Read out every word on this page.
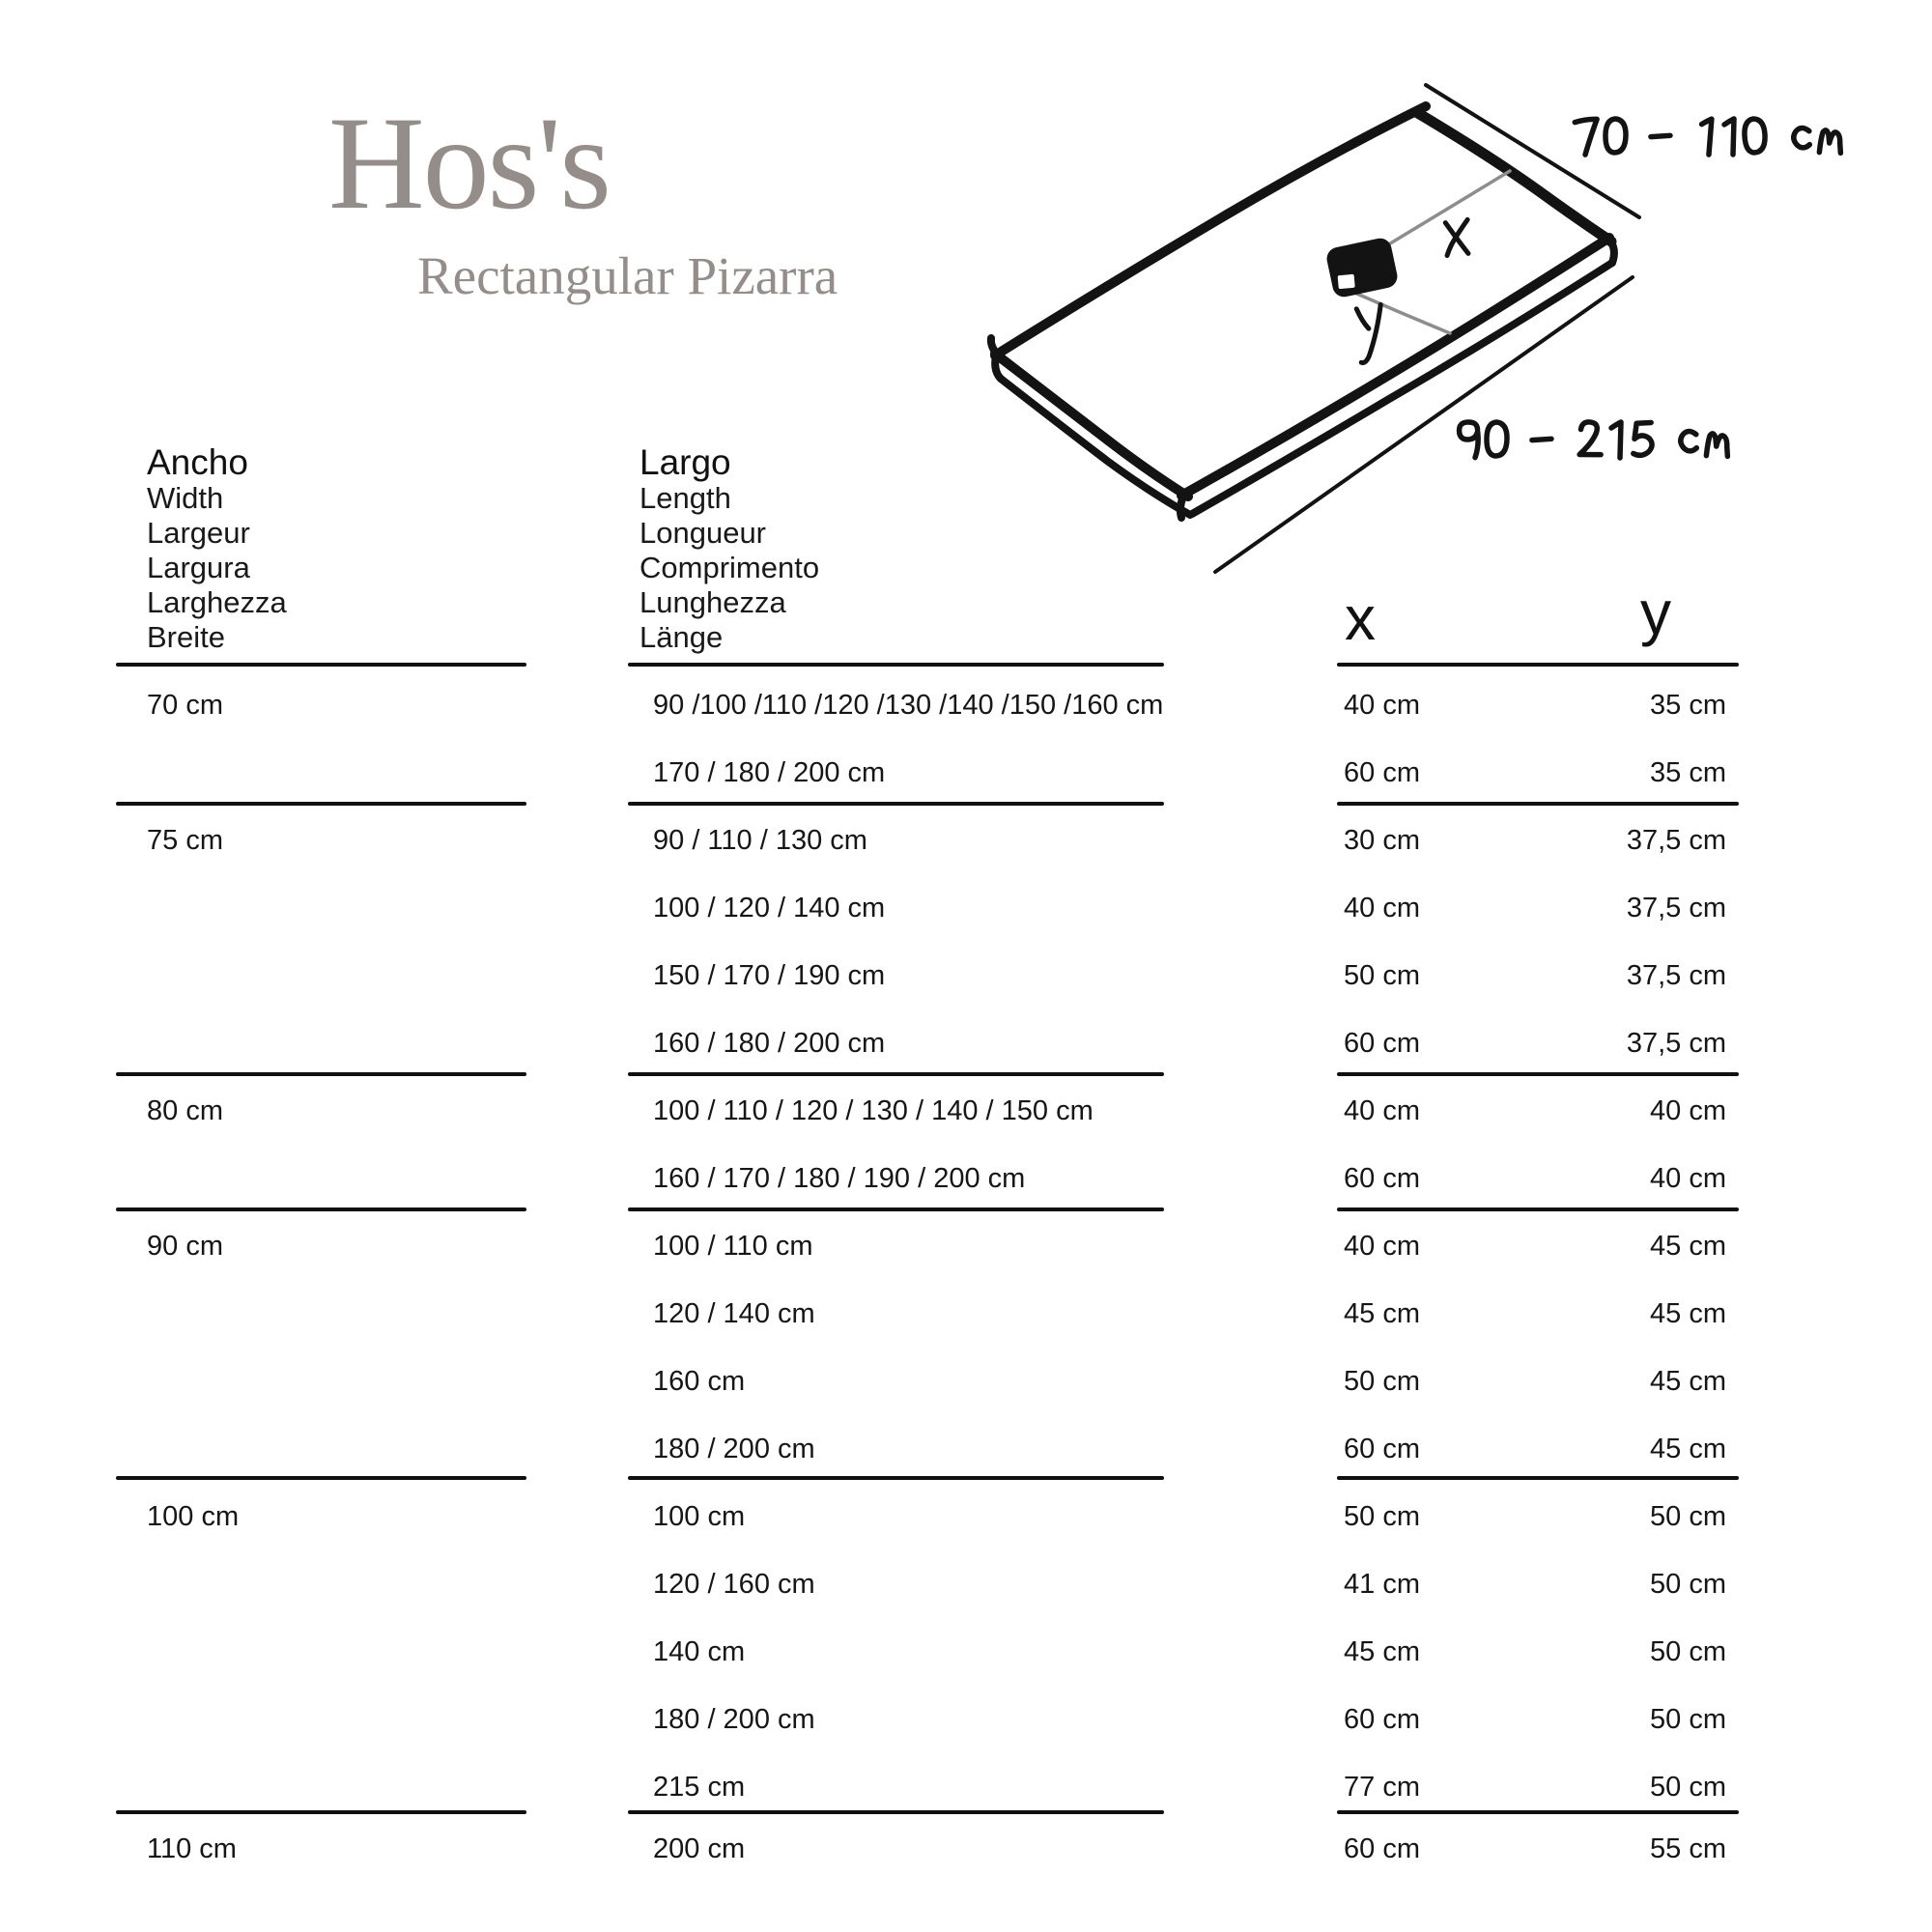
Hos's
Rectangular Pizarra
Ancho
Width
Largeur
Largura
Larghezza
Breite
Largo
Length
Longueur
Comprimento
Lunghezza
Länge	x	y
70 cm	90 /100 /110 /120 /130 /140 /150 /160 cm	40 cm	35 cm
170 / 180 / 200 cm	60 cm	35 cm
75 cm	90 / 110 / 130 cm	30 cm	37,5 cm
100 / 120 / 140 cm	40 cm	37,5 cm
150 / 170 / 190 cm	50 cm	37,5 cm
160 / 180 / 200 cm	60 cm	37,5 cm
80 cm	100 / 110 / 120 / 130 / 140 / 150 cm	40 cm	40 cm
160 / 170 / 180 / 190 / 200 cm	60 cm	40 cm
90 cm	100 / 110 cm	40 cm	45 cm
120 / 140 cm	45 cm	45 cm
160 cm	50 cm	45 cm
180 / 200 cm	60 cm	45 cm
100 cm	100 cm	50 cm	50 cm
120 / 160 cm	41 cm	50 cm
140 cm	45 cm	50 cm
180 / 200 cm	60 cm	50 cm
215 cm	77 cm	50 cm
110 cm	200 cm	60 cm	55 cm
